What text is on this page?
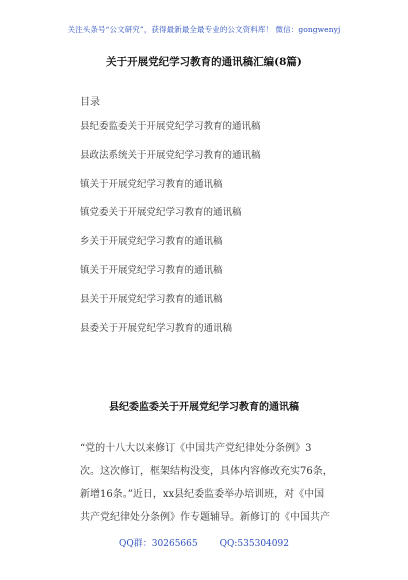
关注头条号“公文研究”，获得最新最全最专业的公文资料库！ 微信：gongwenyj
关于开展党纪学习教育的通讯稿汇编(8篇)
目录
县纪委监委关于开展党纪学习教育的通讯稿
县政法系统关于开展党纪学习教育的通讯稿
镇关于开展党纪学习教育的通讯稿
镇党委关于开展党纪学习教育的通讯稿
乡关于开展党纪学习教育的通讯稿
镇关于开展党纪学习教育的通讯稿
县关于开展党纪学习教育的通讯稿
县委关于开展党纪学习教育的通讯稿
县纪委监委关于开展党纪学习教育的通讯稿
“党的十八大以来修订《中国共产党纪律处分条例》3
次。这次修订，框架结构没变，具体内容修改充实76条，
新增16条。”近日，xx县纪委监委举办培训班，对《中国
共产党纪律处分条例》作专题辅导。新修订的《中国共产
QQ群：30265665 QQ:535304092
